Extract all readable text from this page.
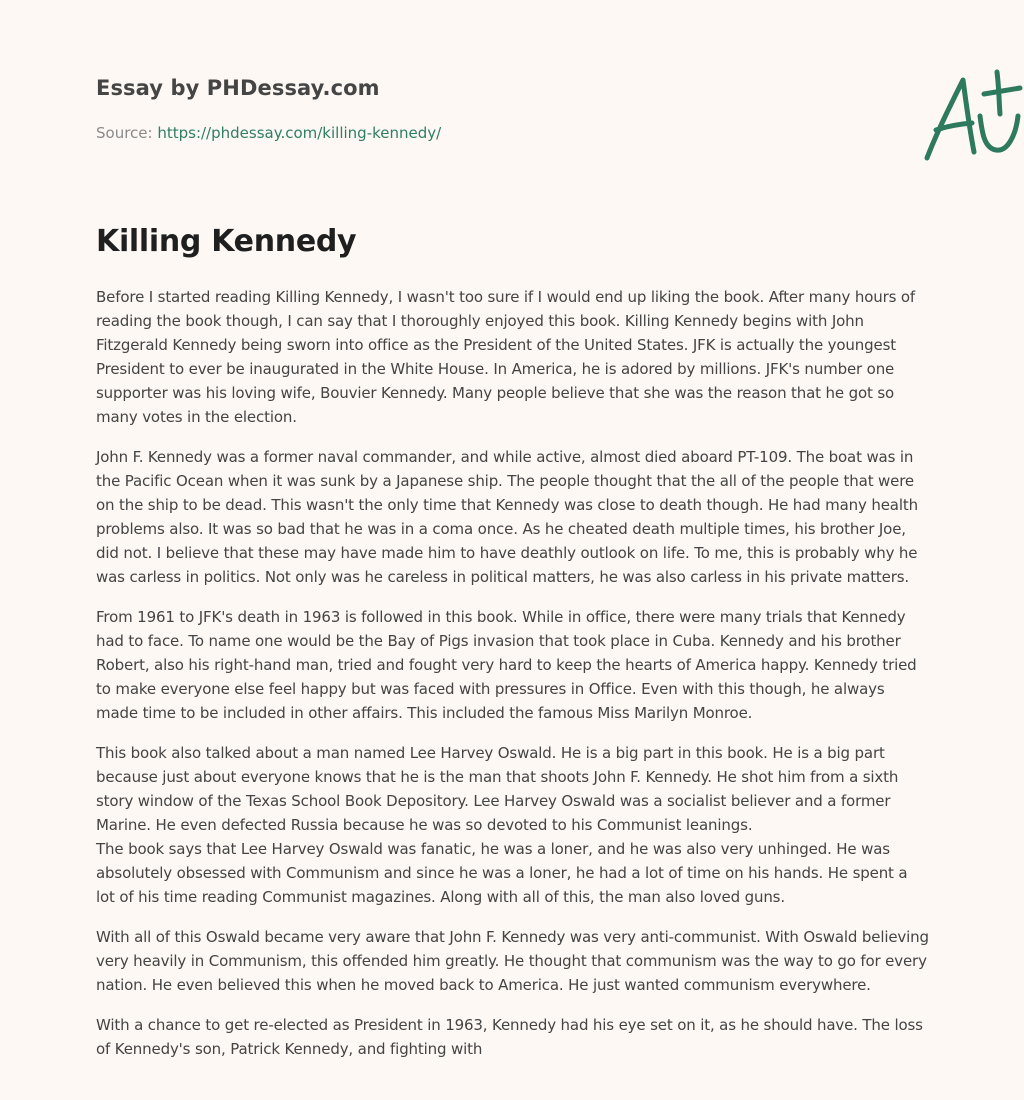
Essay by PHDessay.com
Source: https://phdessay.com/killing-kennedy/
Killing Kennedy

Before I started reading Killing Kennedy, I wasn't too sure if I would end up liking the book. After many hours of reading the book though, I can say that I thoroughly enjoyed this book. Killing Kennedy begins with John Fitzgerald Kennedy being sworn into office as the President of the United States. JFK is actually the youngest President to ever be inaugurated in the White House. In America, he is adored by millions. JFK's number one supporter was his loving wife, Bouvier Kennedy. Many people believe that she was the reason that he got so many votes in the election.

John F. Kennedy was a former naval commander, and while active, almost died aboard PT-109. The boat was in the Pacific Ocean when it was sunk by a Japanese ship. The people thought that the all of the people that were on the ship to be dead. This wasn't the only time that Kennedy was close to death though. He had many health problems also. It was so bad that he was in a coma once. As he cheated death multiple times, his brother Joe, did not. I believe that these may have made him to have deathly outlook on life. To me, this is probably why he was carless in politics. Not only was he careless in political matters, he was also carless in his private matters.

From 1961 to JFK's death in 1963 is followed in this book. While in office, there were many trials that Kennedy had to face. To name one would be the Bay of Pigs invasion that took place in Cuba. Kennedy and his brother Robert, also his right-hand man, tried and fought very hard to keep the hearts of America happy. Kennedy tried to make everyone else feel happy but was faced with pressures in Office. Even with this though, he always made time to be included in other affairs. This included the famous Miss Marilyn Monroe.

This book also talked about a man named Lee Harvey Oswald. He is a big part in this book. He is a big part because just about everyone knows that he is the man that shoots John F. Kennedy. He shot him from a sixth story window of the Texas School Book Depository. Lee Harvey Oswald was a socialist believer and a former Marine. He even defected Russia because he was so devoted to his Communist leanings.

The book says that Lee Harvey Oswald was fanatic, he was a loner, and he was also very unhinged. He was absolutely obsessed with Communism and since he was a loner, he had a lot of time on his hands. He spent a lot of his time reading Communist magazines. Along with all of this, the man also loved guns.

With all of this Oswald became very aware that John F. Kennedy was very anti-communist. With Oswald believing very heavily in Communism, this offended him greatly. He thought that communism was the way to go for every nation. He even believed this when he moved back to America. He just wanted communism everywhere.

With a chance to get re-elected as President in 1963, Kennedy had his eye set on it, as he should have. The loss of Kennedy's son, Patrick Kennedy, and fighting with
